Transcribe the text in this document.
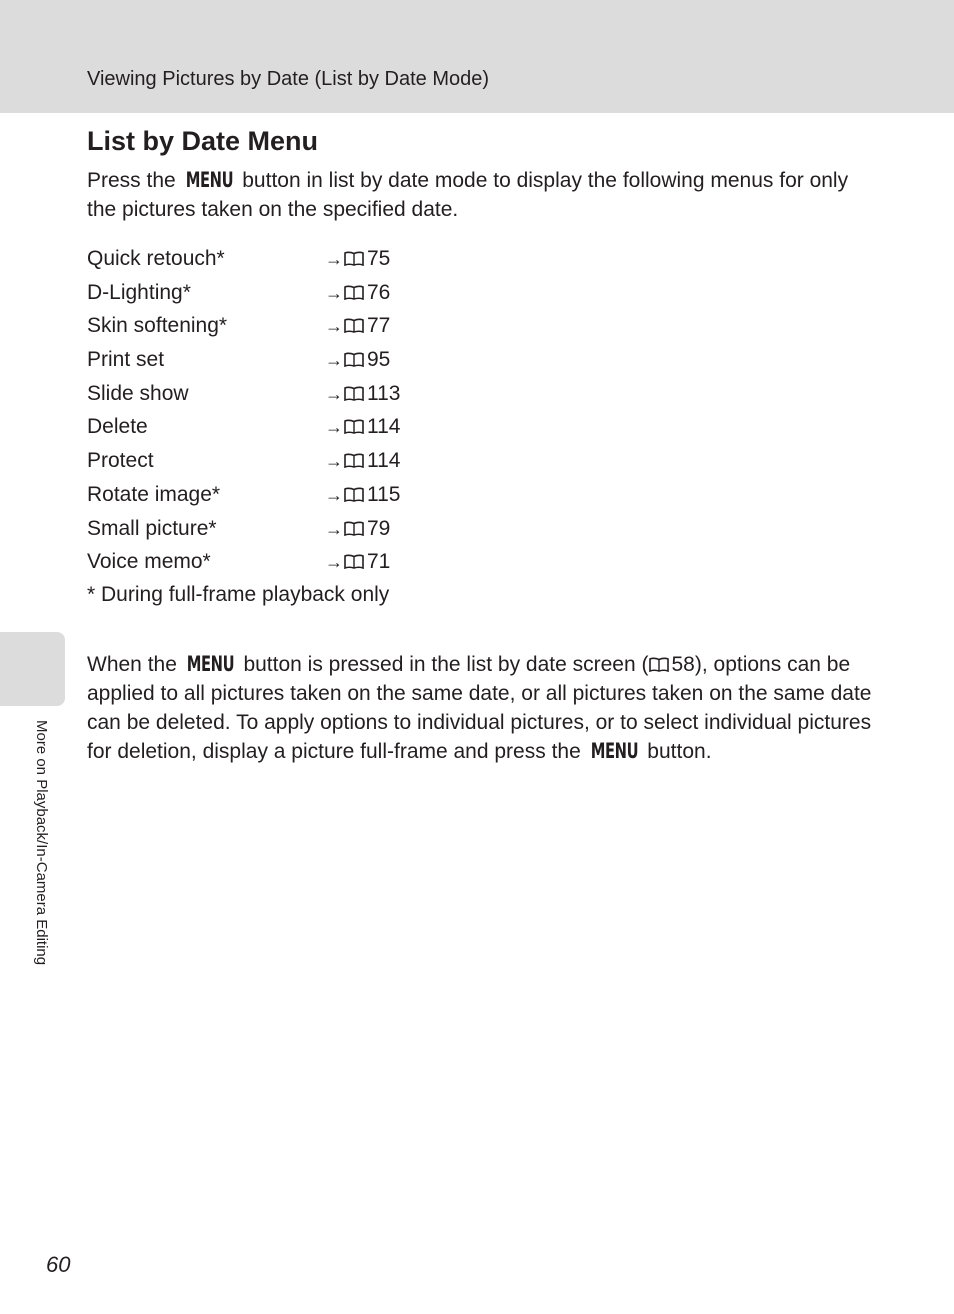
Viewing Pictures by Date (List by Date Mode)
More on Playback/In-Camera Editing
List by Date Menu

Press the MENU button in list by date mode to display the following menus for only the pictures taken on the specified date.

Quick retouch*	→ 75
D-Lighting*	→ 76
Skin softening*	→ 77
Print set	→ 95
Slide show	→ 113
Delete	→ 114
Protect	→ 114
Rotate image*	→ 115
Small picture*	→ 79
Voice memo*	→ 71

* During full-frame playback only

When the MENU button is pressed in the list by date screen ( 58), options can be applied to all pictures taken on the same date, or all pictures taken on the same date can be deleted. To apply options to individual pictures, or to select individual pictures for deletion, display a picture full-frame and press the MENU button.

60
